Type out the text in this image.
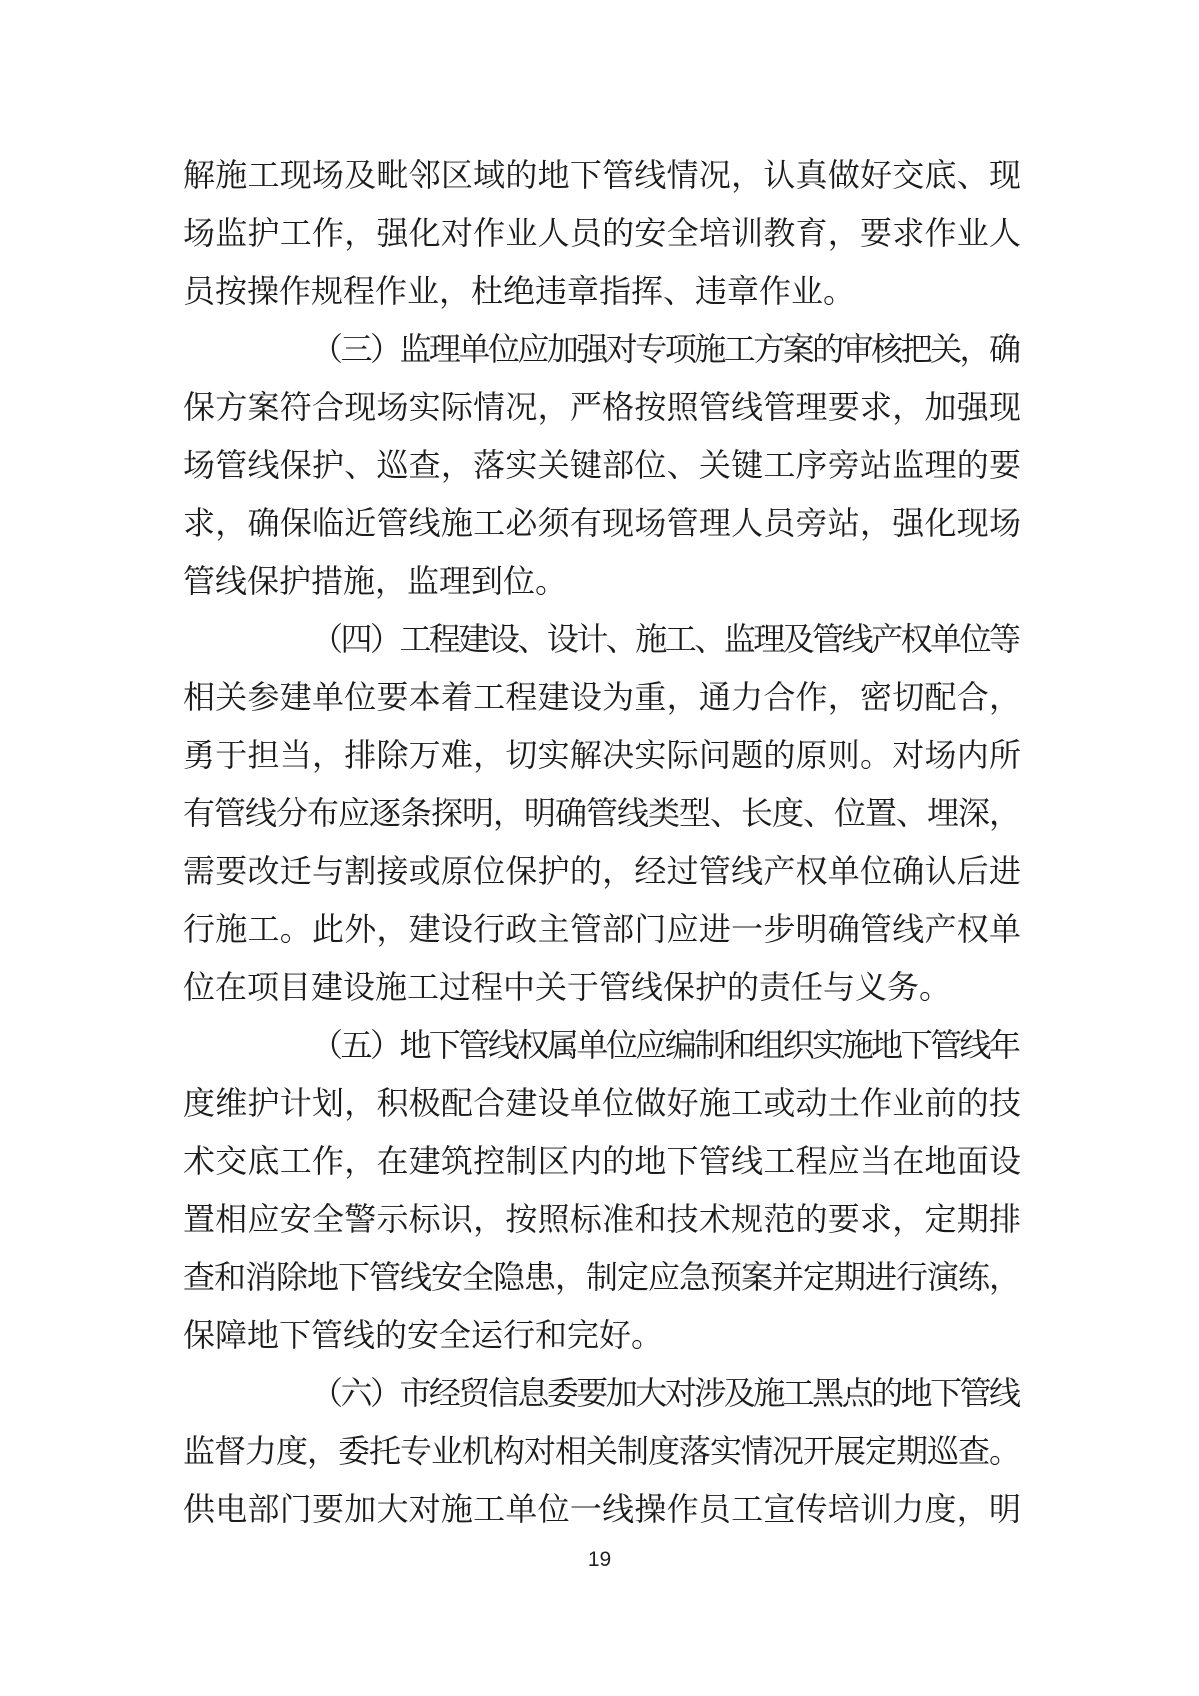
解施工现场及毗邻区域的地下管线情况，认真做好交底、现
场监护工作，强化对作业人员的安全培训教育，要求作业人
员按操作规程作业，杜绝违章指挥、违章作业。
（三）监理单位应加强对专项施工方案的审核把关，确
保方案符合现场实际情况，严格按照管线管理要求，加强现
场管线保护、巡查，落实关键部位、关键工序旁站监理的要
求，确保临近管线施工必须有现场管理人员旁站，强化现场
管线保护措施，监理到位。
（四）工程建设、设计、施工、监理及管线产权单位等
相关参建单位要本着工程建设为重，通力合作，密切配合，
勇于担当，排除万难，切实解决实际问题的原则。对场内所
有管线分布应逐条探明，明确管线类型、长度、位置、埋深，
需要改迁与割接或原位保护的，经过管线产权单位确认后进
行施工。此外，建设行政主管部门应进一步明确管线产权单
位在项目建设施工过程中关于管线保护的责任与义务。
（五）地下管线权属单位应编制和组织实施地下管线年
度维护计划，积极配合建设单位做好施工或动土作业前的技
术交底工作，在建筑控制区内的地下管线工程应当在地面设
置相应安全警示标识，按照标准和技术规范的要求，定期排
查和消除地下管线安全隐患，制定应急预案并定期进行演练，
保障地下管线的安全运行和完好。
（六）市经贸信息委要加大对涉及施工黑点的地下管线
监督力度，委托专业机构对相关制度落实情况开展定期巡查。
供电部门要加大对施工单位一线操作员工宣传培训力度，明
19
